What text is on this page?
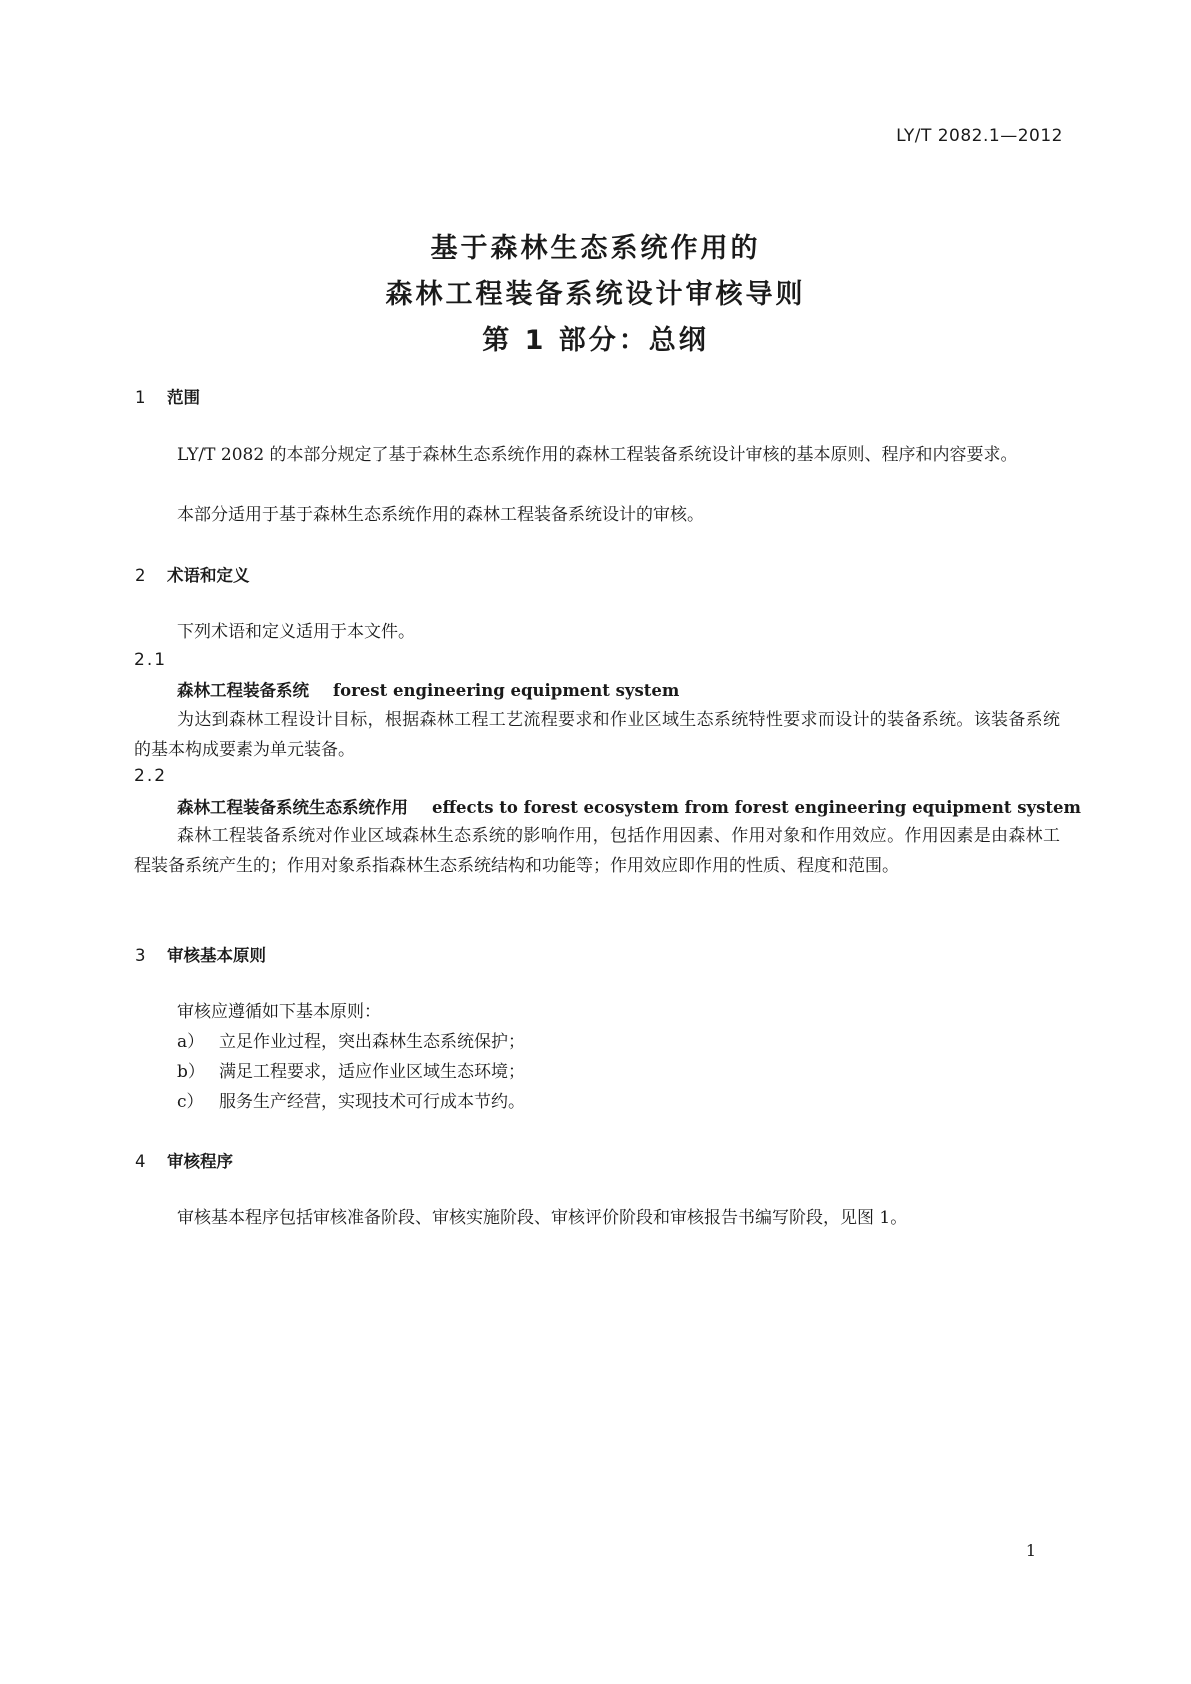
LY/T 2082.1—2012
基于森林生态系统作用的
森林工程装备系统设计审核导则
第 1 部分：总纲
1 范围
LY/T 2082 的本部分规定了基于森林生态系统作用的森林工程装备系统设计审核的基本原则、程序和内容要求。
本部分适用于基于森林生态系统作用的森林工程装备系统设计的审核。
2 术语和定义
下列术语和定义适用于本文件。
2.1
森林工程装备系统 forest engineering equipment system
为达到森林工程设计目标，根据森林工程工艺流程要求和作业区域生态系统特性要求而设计的装备系统。该装备系统的基本构成要素为单元装备。
2.2
森林工程装备系统生态系统作用 effects to forest ecosystem from forest engineering equipment system
森林工程装备系统对作业区域森林生态系统的影响作用，包括作用因素、作用对象和作用效应。作用因素是由森林工程装备系统产生的；作用对象系指森林生态系统结构和功能等；作用效应即作用的性质、程度和范围。
3 审核基本原则
审核应遵循如下基本原则：
a） 立足作业过程，突出森林生态系统保护；
b） 满足工程要求，适应作业区域生态环境；
c） 服务生产经营，实现技术可行成本节约。
4 审核程序
审核基本程序包括审核准备阶段、审核实施阶段、审核评价阶段和审核报告书编写阶段，见图 1。
1
